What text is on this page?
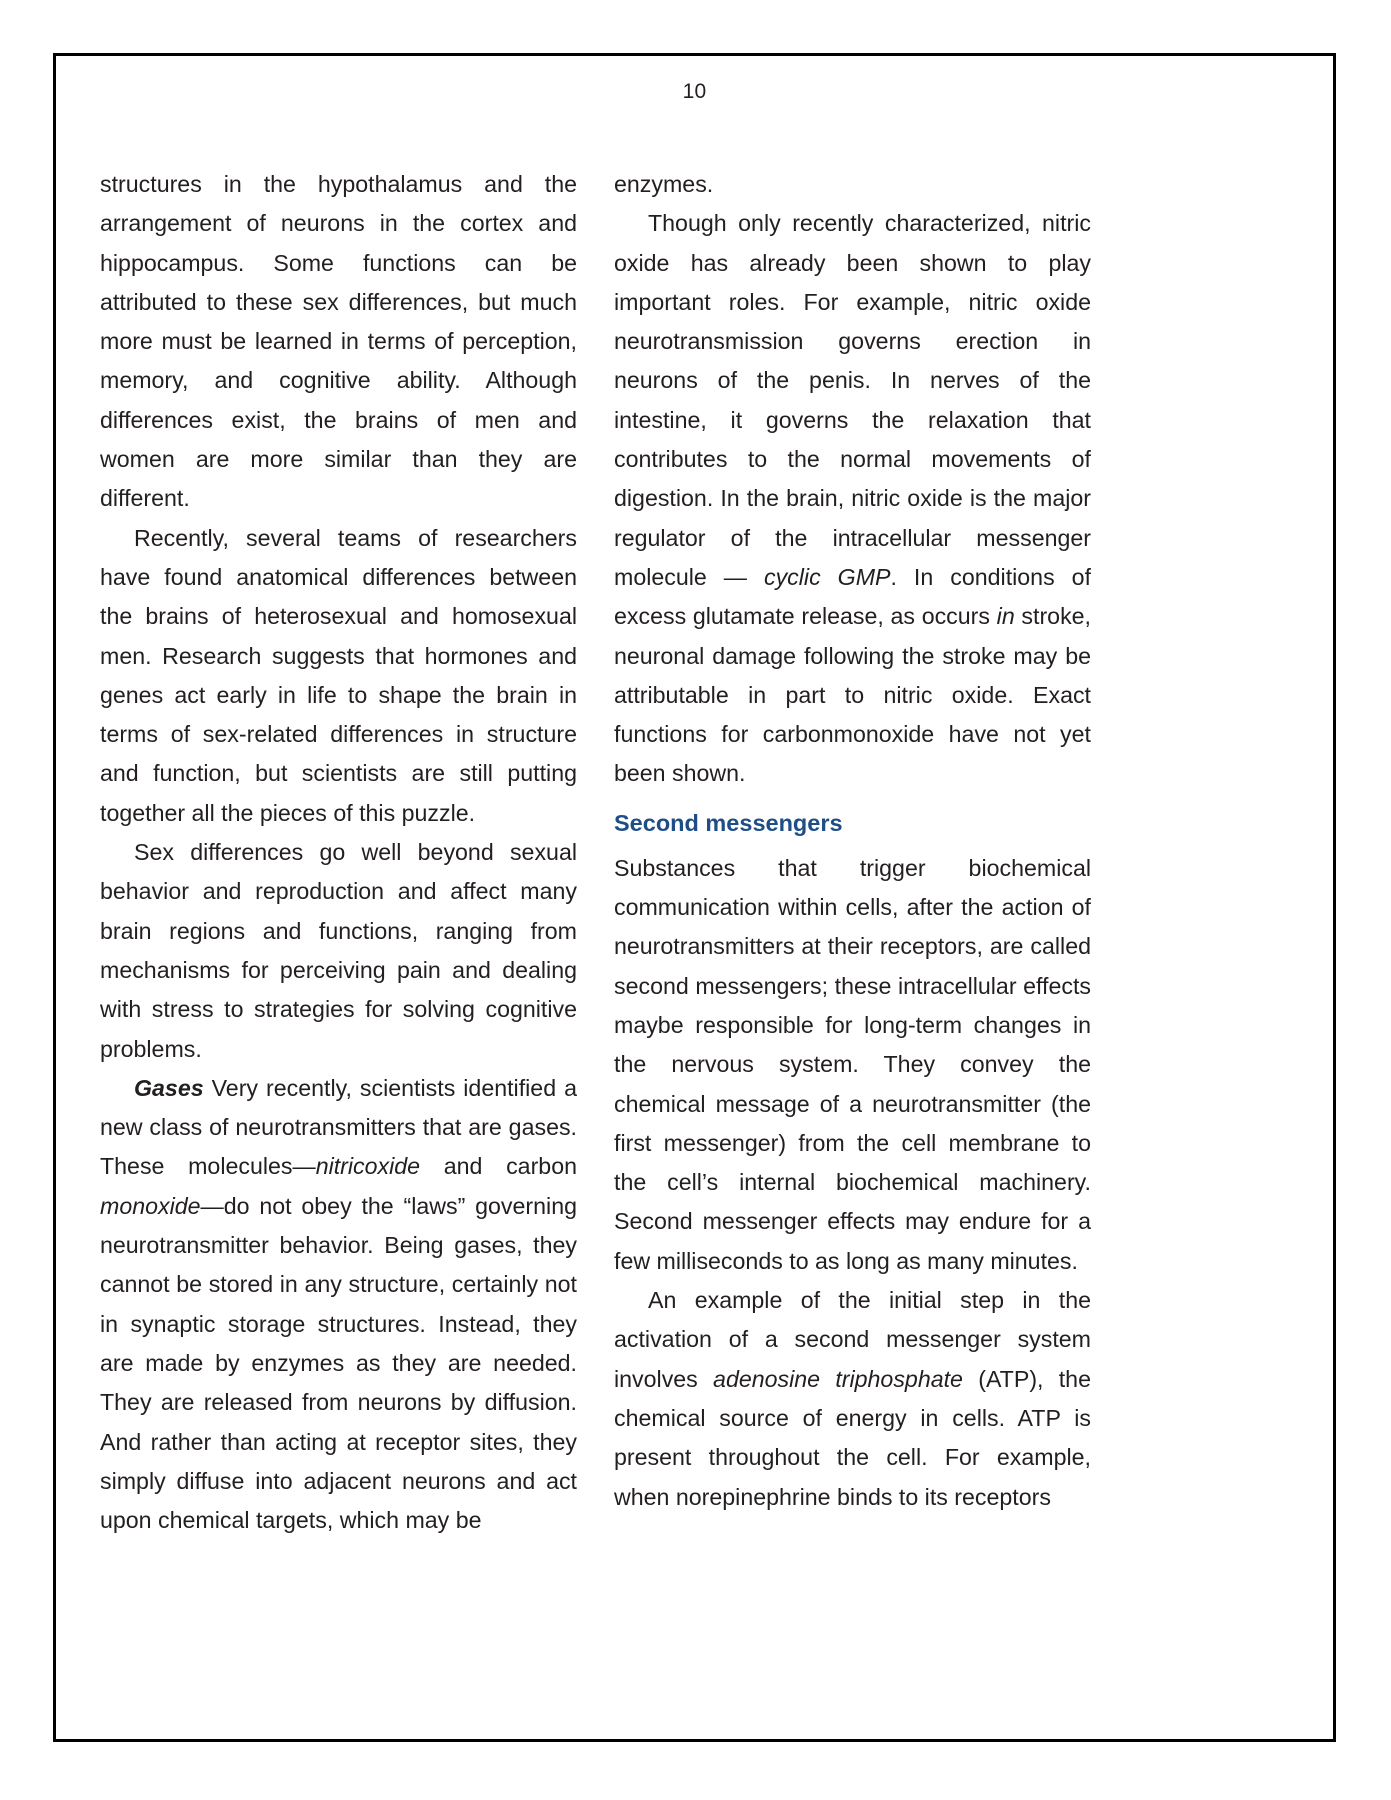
10

structures in the hypothalamus and the arrangement of neurons in the cortex and hippocampus. Some functions can be attributed to these sex differences, but much more must be learned in terms of perception, memory, and cognitive ability. Although differences exist, the brains of men and women are more similar than they are different.

Recently, several teams of researchers have found anatomical differences between the brains of heterosexual and homosexual men. Research suggests that hormones and genes act early in life to shape the brain in terms of sex-related differences in structure and function, but scientists are still putting together all the pieces of this puzzle.

Sex differences go well beyond sexual behavior and reproduction and affect many brain regions and functions, ranging from mechanisms for perceiving pain and dealing with stress to strategies for solving cognitive problems.

Gases Very recently, scientists identified a new class of neurotransmitters that are gases. These molecules—nitricoxide and carbon monoxide—do not obey the “laws” governing neurotransmitter behavior. Being gases, they cannot be stored in any structure, certainly not in synaptic storage structures. Instead, they are made by enzymes as they are needed. They are released from neurons by diffusion. And rather than acting at receptor sites, they simply diffuse into adjacent neurons and act upon chemical targets, which may be

enzymes.

Though only recently characterized, nitric oxide has already been shown to play important roles. For example, nitric oxide neurotransmission governs erection in neurons of the penis. In nerves of the intestine, it governs the relaxation that contributes to the normal movements of digestion. In the brain, nitric oxide is the major regulator of the intracellular messenger molecule — cyclic GMP. In conditions of excess glutamate release, as occurs in stroke, neuronal damage following the stroke may be attributable in part to nitric oxide. Exact functions for carbonmonoxide have not yet been shown.

Second messengers

Substances that trigger biochemical communication within cells, after the action of neurotransmitters at their receptors, are called second messengers; these intracellular effects maybe responsible for long-term changes in the nervous system. They convey the chemical message of a neurotransmitter (the first messenger) from the cell membrane to the cell’s internal biochemical machinery. Second messenger effects may endure for a few milliseconds to as long as many minutes.

An example of the initial step in the activation of a second messenger system involves adenosine triphosphate (ATP), the chemical source of energy in cells. ATP is present throughout the cell. For example, when norepinephrine binds to its receptors
